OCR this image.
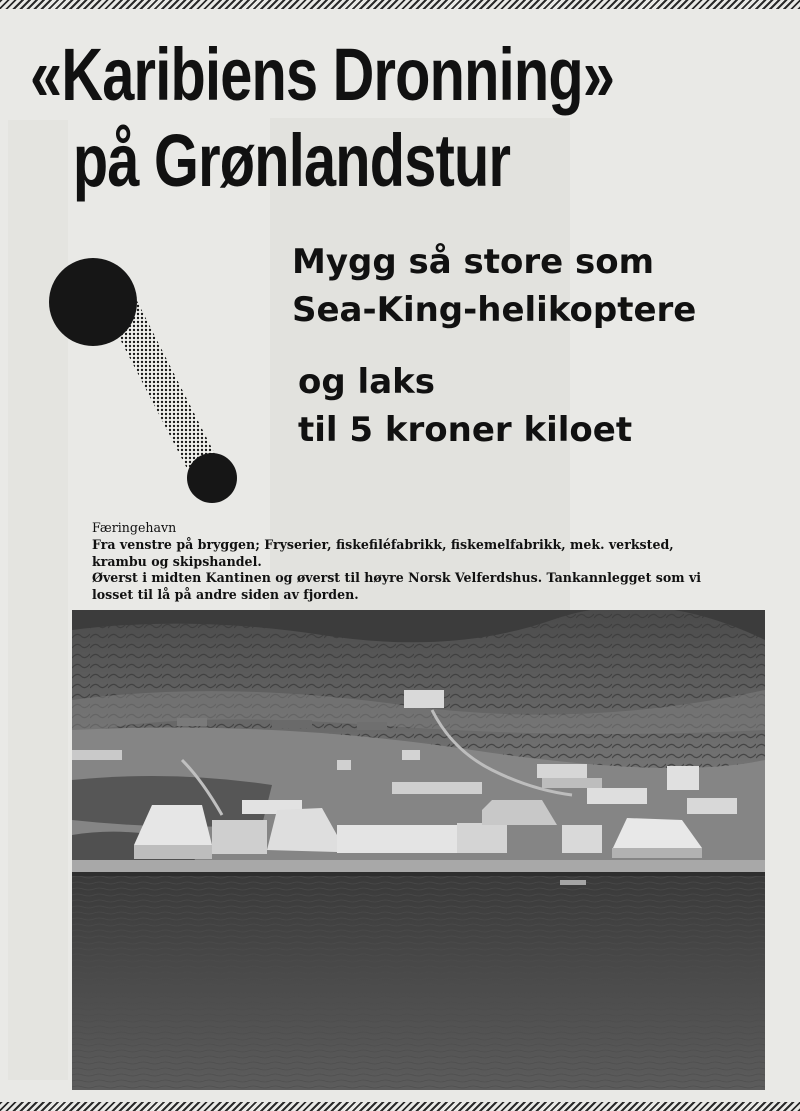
«Karibiens Dronning»
på Grønlandstur
Mygg så store som
Sea-King-helikoptere
og laks
til 5 kroner kiloet
Færingehavn
Fra venstre på bryggen; Fryserier, fiskefiléfabrikk, fiskemelfabrikk, mek. verksted, krambu og skipshandel.
Øverst i midten Kantinen og øverst til høyre Norsk Velferdshus. Tankannlegget som vi losset til lå på andre siden av fjorden.
